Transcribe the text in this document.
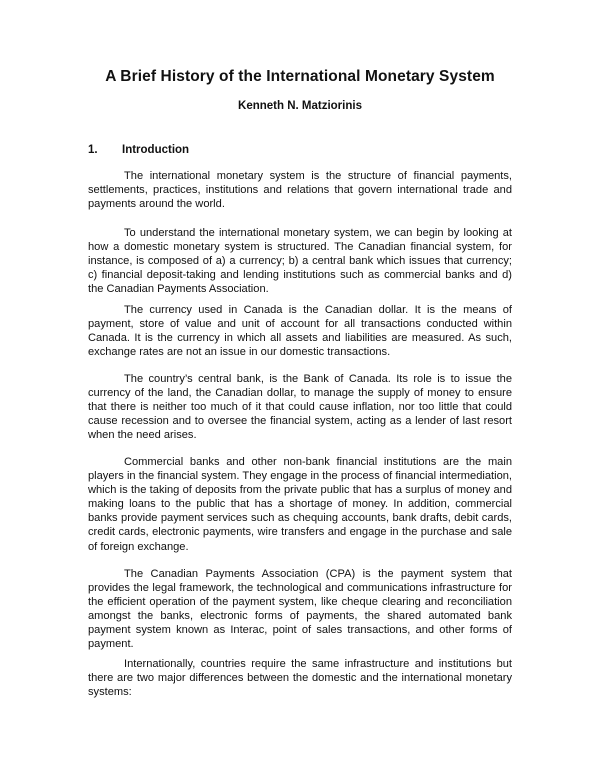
A Brief History of the International Monetary System
Kenneth N. Matziorinis
1. Introduction

The international monetary system is the structure of financial payments, settlements, practices, institutions and relations that govern international trade and payments around the world.

To understand the international monetary system, we can begin by looking at how a domestic monetary system is structured. The Canadian financial system, for instance, is composed of a) a currency; b) a central bank which issues that currency; c) financial deposit-taking and lending institutions such as commercial banks and d) the Canadian Payments Association.

The currency used in Canada is the Canadian dollar. It is the means of payment, store of value and unit of account for all transactions conducted within Canada. It is the currency in which all assets and liabilities are measured. As such, exchange rates are not an issue in our domestic transactions.

The country’s central bank, is the Bank of Canada. Its role is to issue the currency of the land, the Canadian dollar, to manage the supply of money to ensure that there is neither too much of it that could cause inflation, nor too little that could cause recession and to oversee the financial system, acting as a lender of last resort when the need arises.

Commercial banks and other non-bank financial institutions are the main players in the financial system. They engage in the process of financial intermediation, which is the taking of deposits from the private public that has a surplus of money and making loans to the public that has a shortage of money. In addition, commercial banks provide payment services such as chequing accounts, bank drafts, debit cards, credit cards, electronic payments, wire transfers and engage in the purchase and sale of foreign exchange.

The Canadian Payments Association (CPA) is the payment system that provides the legal framework, the technological and communications infrastructure for the efficient operation of the payment system, like cheque clearing and reconciliation amongst the banks, electronic forms of payments, the shared automated bank payment system known as Interac, point of sales transactions, and other forms of payment.

Internationally, countries require the same infrastructure and institutions but there are two major differences between the domestic and the international monetary systems:
